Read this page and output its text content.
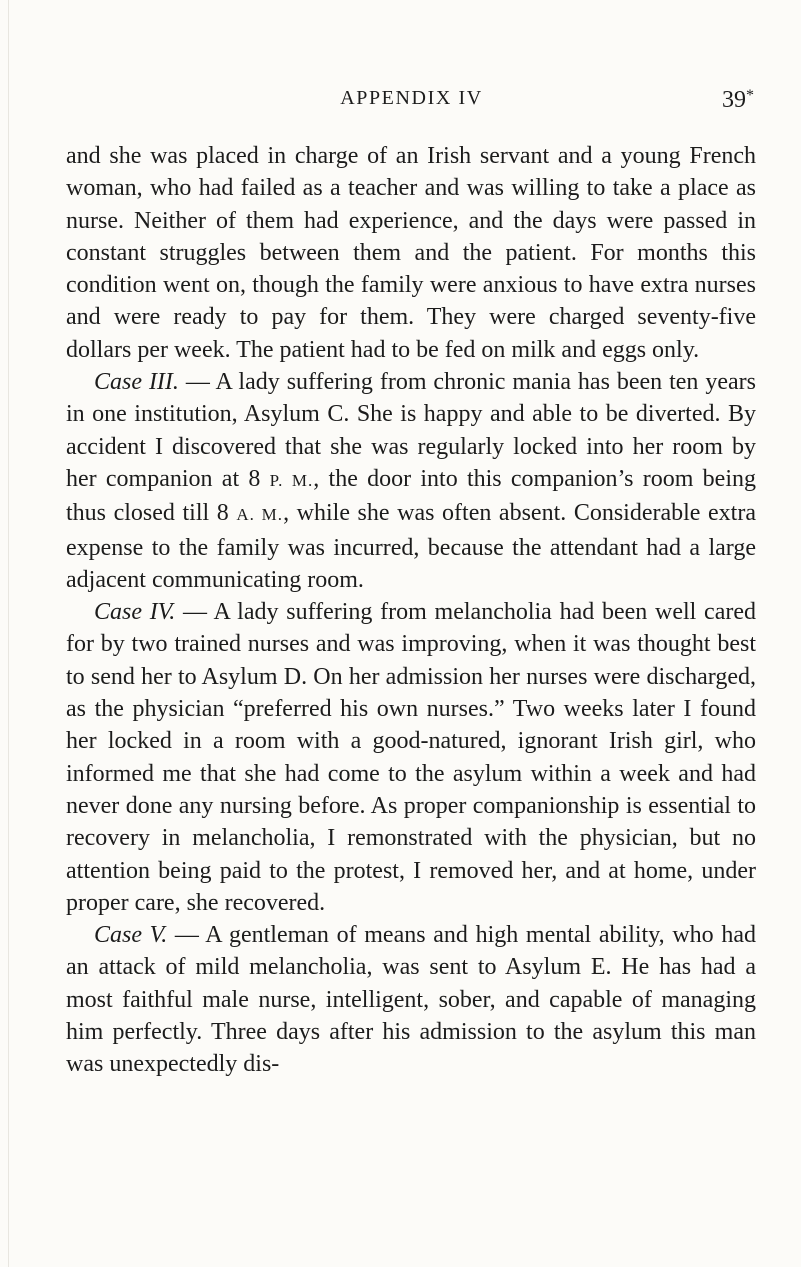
APPENDIX IV	39*

and she was placed in charge of an Irish servant and a young French woman, who had failed as a teacher and was willing to take a place as nurse. Neither of them had experience, and the days were passed in constant struggles between them and the patient. For months this condition went on, though the family were anxious to have extra nurses and were ready to pay for them. They were charged seventy-five dollars per week. The patient had to be fed on milk and eggs only.

Case III. — A lady suffering from chronic mania has been ten years in one institution, Asylum C. She is happy and able to be diverted. By accident I discovered that she was regularly locked into her room by her companion at 8 P. M., the door into this companion’s room being thus closed till 8 A. M., while she was often absent. Considerable extra expense to the family was incurred, because the attendant had a large adjacent communicating room.

Case IV. — A lady suffering from melancholia had been well cared for by two trained nurses and was improving, when it was thought best to send her to Asylum D. On her admission her nurses were discharged, as the physician “preferred his own nurses.” Two weeks later I found her locked in a room with a good-natured, ignorant Irish girl, who informed me that she had come to the asylum within a week and had never done any nursing before. As proper companionship is essential to recovery in melancholia, I remonstrated with the physician, but no attention being paid to the protest, I removed her, and at home, under proper care, she recovered.

Case V. — A gentleman of means and high mental ability, who had an attack of mild melancholia, was sent to Asylum E. He has had a most faithful male nurse, intelligent, sober, and capable of managing him perfectly. Three days after his admission to the asylum this man was unexpectedly dis-
